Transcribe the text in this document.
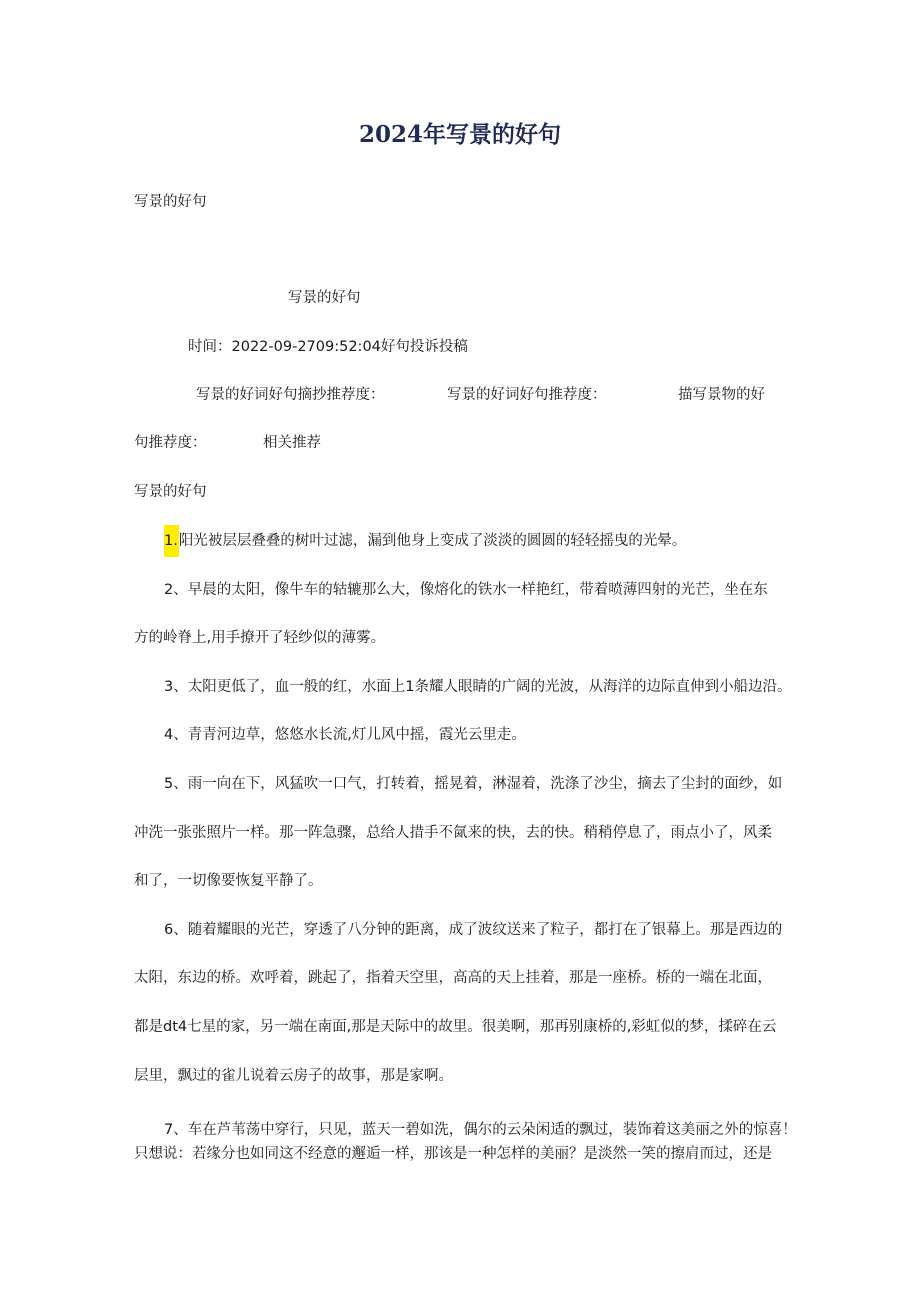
2024年写景的好句
写景的好句
写景的好句
时间：2022-09-2709:52:04好句投诉投稿
写景的好词好句摘抄推荐度：	写景的好词好句推荐度：	描写景物的好
句推荐度：	相关推荐
写景的好句
1.阳光被层层叠叠的树叶过滤，漏到他身上变成了淡淡的圆圆的轻轻摇曳的光晕。
2、早晨的太阳，像牛车的轱辘那么大，像熔化的铁水一样艳红，带着喷薄四射的光芒，坐在东
方的岭脊上,用手撩开了轻纱似的薄雾。
3、太阳更低了，血一般的红，水面上1条耀人眼睛的广阔的光波，从海洋的边际直伸到小船边沿。
4、青青河边草，悠悠水长流,灯儿风中摇，霞光云里走。
5、雨一向在下，风猛吹一口气，打转着，摇晃着，淋湿着，洗涤了沙尘，摘去了尘封的面纱，如
冲洗一张张照片一样。那一阵急骤，总给人措手不氤来的快，去的快。稍稍停息了，雨点小了，风柔
和了，一切像要恢复平静了。
6、随着耀眼的光芒，穿透了八分钟的距离，成了波纹送来了粒子，都打在了银幕上。那是西边的
太阳，东边的桥。欢呼着，跳起了，指着天空里，高高的天上挂着，那是一座桥。桥的一端在北面，
都是dt4七星的家，另一端在南面,那是天际中的故里。很美啊，那再别康桥的,彩虹似的梦，揉碎在云
层里，飘过的雀儿说着云房子的故事，那是家啊。
7、车在芦苇荡中穿行，只见，蓝天一碧如洗，偶尔的云朵闲适的飘过，装饰着这美丽之外的惊喜！
只想说：若缘分也如同这不经意的邂逅一样，那该是一种怎样的美丽？是淡然一笑的擦肩而过，还是
